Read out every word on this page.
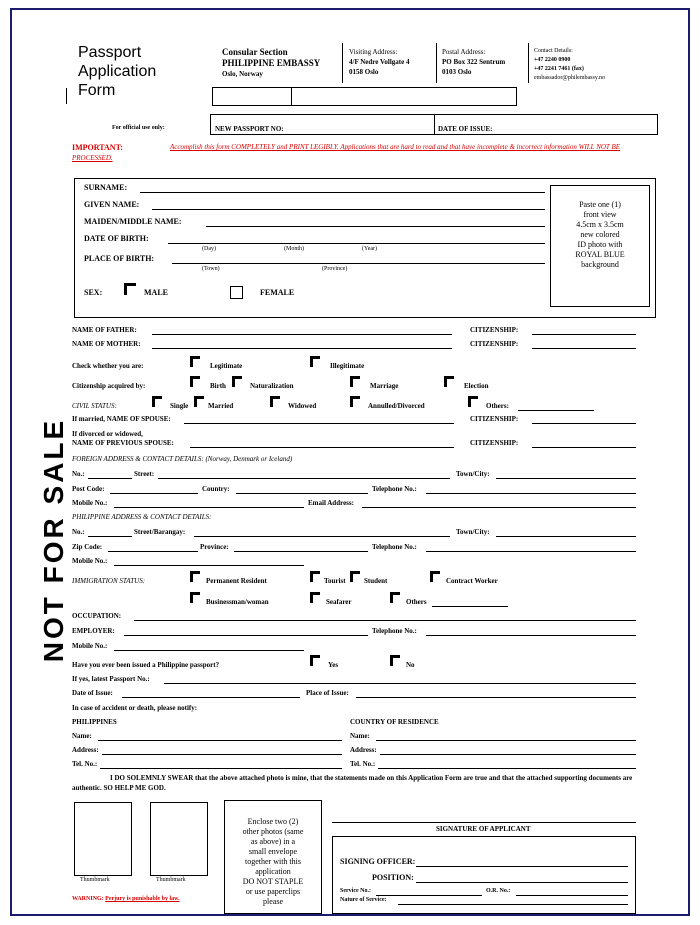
Passport
Application
Form
Consular Section
PHILIPPINE EMBASSY
Oslo, Norway
Visiting Address:
4/F Nedre Vollgate 4
0158 Oslo
Postal Address:
PO Box 322 Sentrum
0103 Oslo
Contact Details:
+47 2240 0900
+47 2241 7461 (fax)
embassador@philembassy.no
For official use only:	NEW PASSPORT NO:	DATE OF ISSUE:
IMPORTANT:	Accomplish this form COMPLETELY and PRINT LEGIBLY. Applications that are hard to read and that have incomplete & incorrect information WILL NOT BE PROCESSED.
SURNAME:
GIVEN NAME:
MAIDEN/MIDDLE NAME:
DATE OF BIRTH:
(Day)	(Month)	(Year)
PLACE OF BIRTH:
(Town)	(Province)
SEX:	MALE	FEMALE
Paste one (1)
front view
4.5cm x 3.5cm
new colored
ID photo with
ROYAL BLUE
background
NAME OF FATHER:	CITIZENSHIP:
NAME OF MOTHER:	CITIZENSHIP:
Check whether you are:	Legitimate	Illegitimate
Citizenship acquired by:	Birth	Naturalization	Marriage	Election
CIVIL STATUS:	Single	Married	Widowed	Annulled/Divorced	Others:
If married, NAME OF SPOUSE:	CITIZENSHIP:
If divorced or widowed,
NAME OF PREVIOUS SPOUSE:	CITIZENSHIP:
FOREIGN ADDRESS & CONTACT DETAILS: (Norway, Denmark or Iceland)
No.:	Street:	Town/City:
Post Code:	Country:	Telephone No.:
Mobile No.:	Email Address:
PHILIPPINE ADDRESS & CONTACT DETAILS:
No.:	Street/Barangay:	Town/City:
Zip Code:	Province:	Telephone No.:
Mobile No.:
IMMIGRATION STATUS:	Permanent Resident	Tourist	Student	Contract Worker
Businessman/woman	Seafarer	Others
OCCUPATION:
EMPLOYER:	Telephone No.:
Mobile No.:
Have you ever been issued a Philippine passport?	Yes	No
If yes, latest Passport No.:
Date of Issue:	Place of Issue:
In case of accident or death, please notify:
PHILIPPINES	COUNTRY OF RESIDENCE
Name:	Name:
Address:	Address:
Tel. No.:	Tel. No.:
I DO SOLEMNLY SWEAR that the above attached photo is mine, that the statements made on this Application Form are true and that the attached supporting documents are authentic. SO HELP ME GOD.
Thumbmark	Thumbmark
Enclose two (2)
other photos (same
as above) in a
small envelope
together with this
application
DO NOT STAPLE
or use paperclips
please
SIGNATURE OF APPLICANT
SIGNING OFFICER:
POSITION:
Service No.:	O.R. No.:
Nature of Service:
WARNING: Perjury is punishable by law.
NOT FOR SALE
